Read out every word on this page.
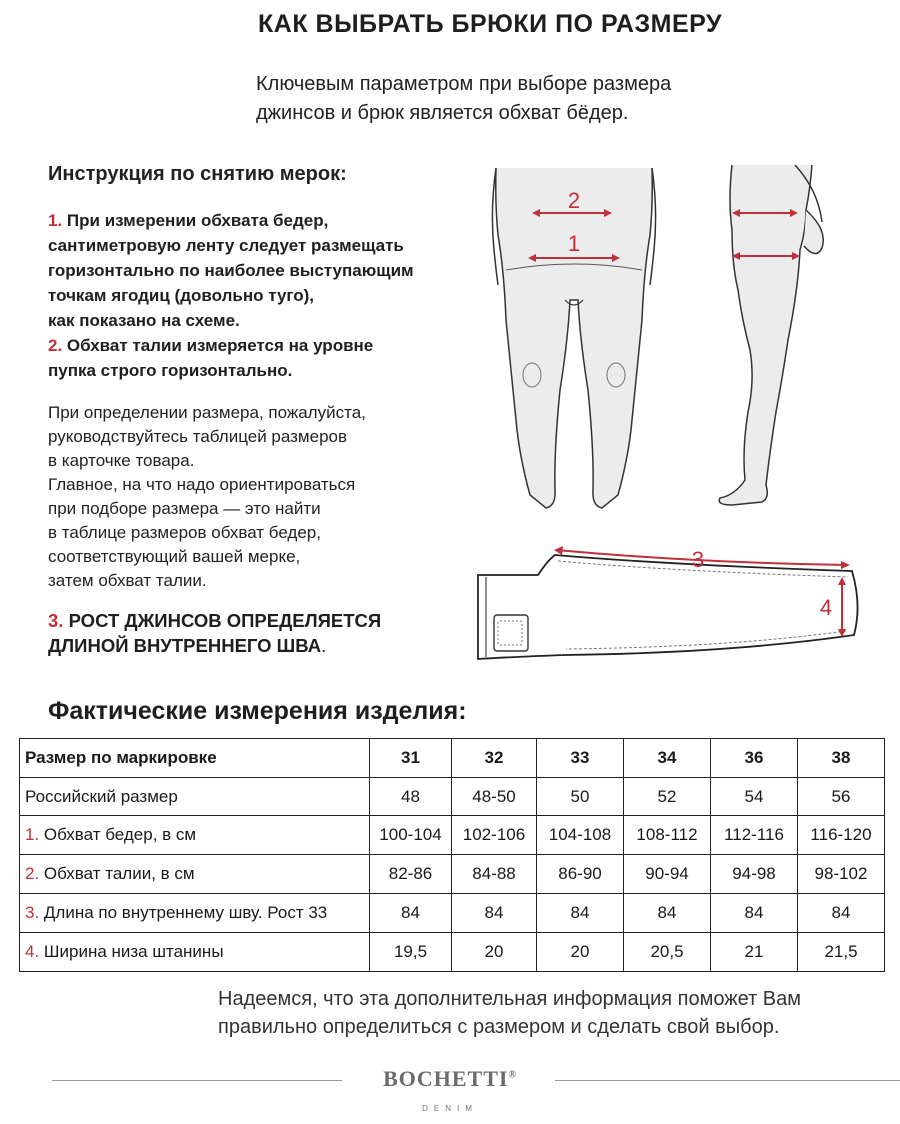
КАК ВЫБРАТЬ БРЮКИ ПО РАЗМЕРУ
Ключевым параметром при выборе размера
джинсов и брюк является обхват бёдер.
Инструкция по снятию мерок:
1. При измерении обхвата бедер,
сантиметровую ленту следует размещать
горизонтально по наиболее выступающим
точкам ягодиц (довольно туго),
как показано на схеме.
2. Обхват талии измеряется на уровне
пупка строго горизонтально.
При определении размера, пожалуйста,
руководствуйтесь таблицей размеров
в карточке товара.
Главное, на что надо ориентироваться
при подборе размера — это найти
в таблице размеров обхват бедер,
соответствующий вашей мерке,
затем обхват талии.
3. РОСТ ДЖИНСОВ ОПРЕДЕЛЯЕТСЯ
ДЛИНОЙ ВНУТРЕННЕГО ШВА.
2
1
3
4
Фактические измерения изделия:
Размер по маркировке	31	32	33	34	36	38
Российский размер	48	48-50	50	52	54	56
1. Обхват бедер, в см	100-104	102-106	104-108	108-112	112-116	116-120
2. Обхват талии, в см	82-86	84-88	86-90	90-94	94-98	98-102
3. Длина по внутреннему шву. Рост 33	84	84	84	84	84	84
4. Ширина низа штанины	19,5	20	20	20,5	21	21,5
Надеемся, что эта дополнительная информация поможет Вам
правильно определиться с размером и сделать свой выбор.
BOCHETTI®
DENIM
